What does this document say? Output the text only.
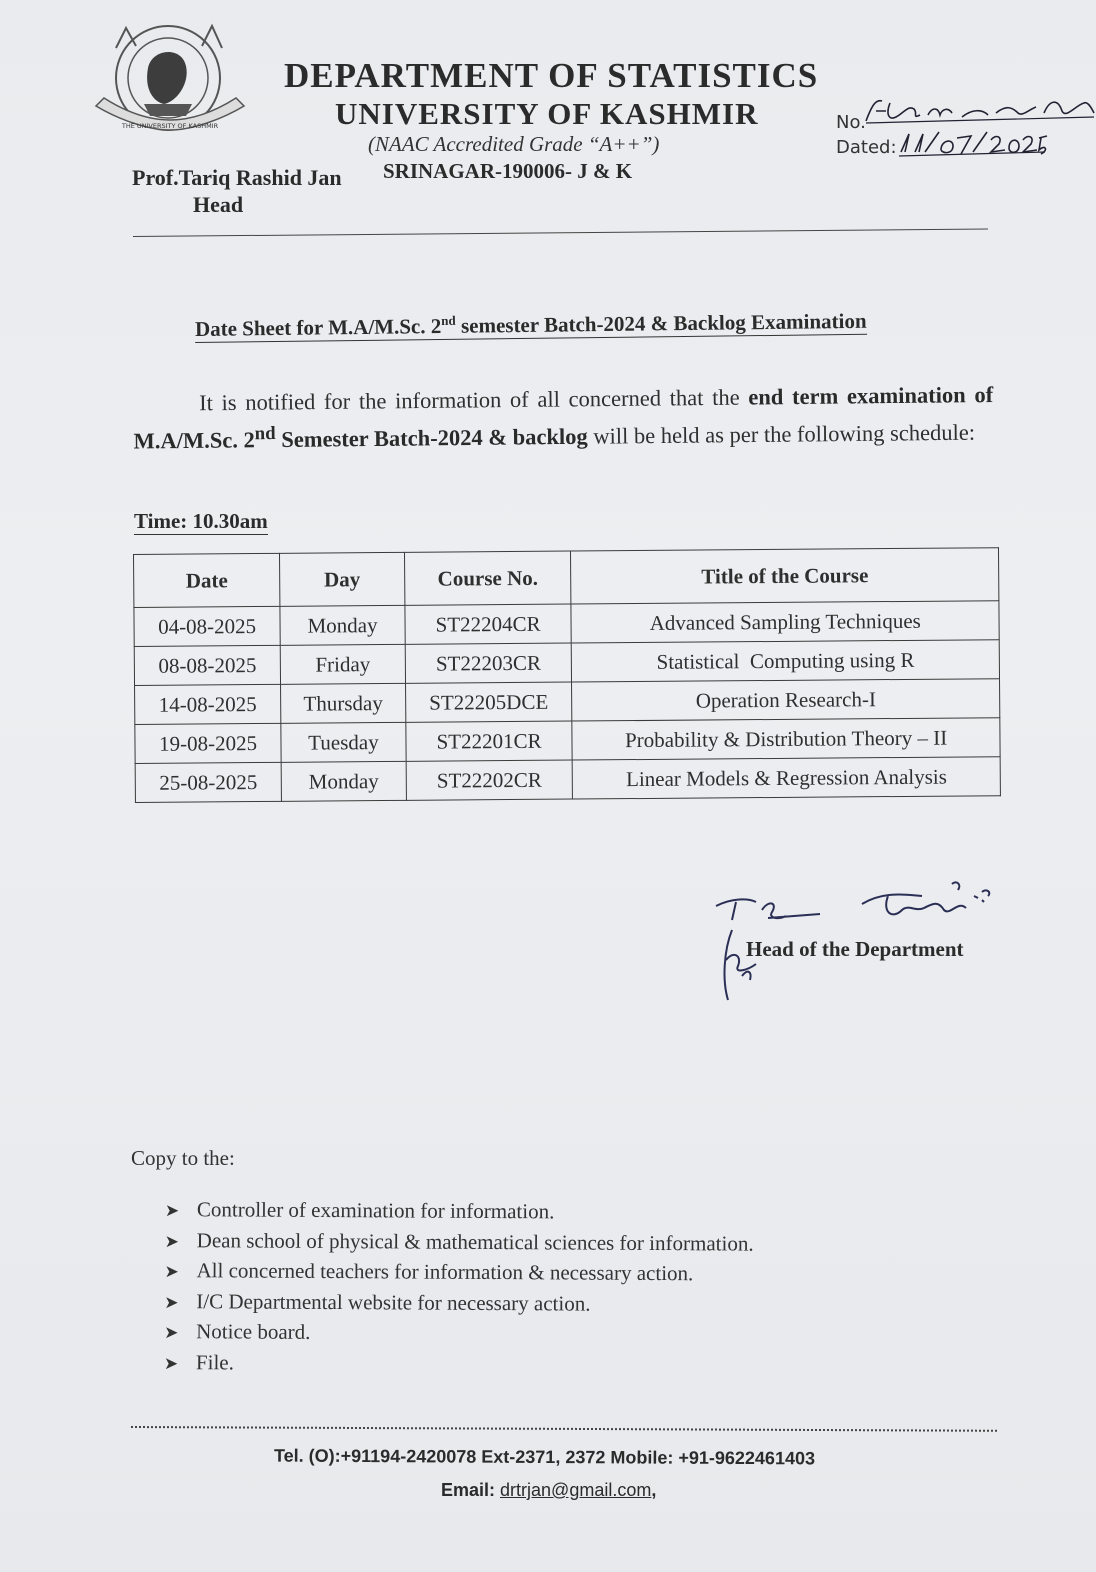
THE UNIVERSITY OF KASHMIR
DEPARTMENT OF STATISTICS
UNIVERSITY OF KASHMIR
(NAAC Accredited Grade “A++”)
SRINAGAR-190006- J & K
Prof.Tariq Rashid Jan
Head
No.
Dated:
Date Sheet for M.A/M.Sc. 2nd semester Batch-2024 & Backlog Examination
It is notified for the information of all concerned that the end term examination of M.A/M.Sc. 2nd Semester Batch-2024 & backlog will be held as per the following schedule:
Time: 10.30am
Date	Day	Course No.	Title of the Course
04-08-2025	Monday	ST22204CR	Advanced Sampling Techniques
08-08-2025	Friday	ST22203CR	Statistical  Computing using R
14-08-2025	Thursday	ST22205DCE	Operation Research-I
19-08-2025	Tuesday	ST22201CR	Probability & Distribution Theory – II
25-08-2025	Monday	ST22202CR	Linear Models & Regression Analysis
Head of the Department
Copy to the:
➤ Controller of examination for information.
➤ Dean school of physical & mathematical sciences for information.
➤ All concerned teachers for information & necessary action.
➤ I/C Departmental website for necessary action.
➤ Notice board.
➤ File.
Tel. (O):+91194-2420078 Ext-2371, 2372 Mobile: +91-9622461403
Email: drtrjan@gmail.com,
